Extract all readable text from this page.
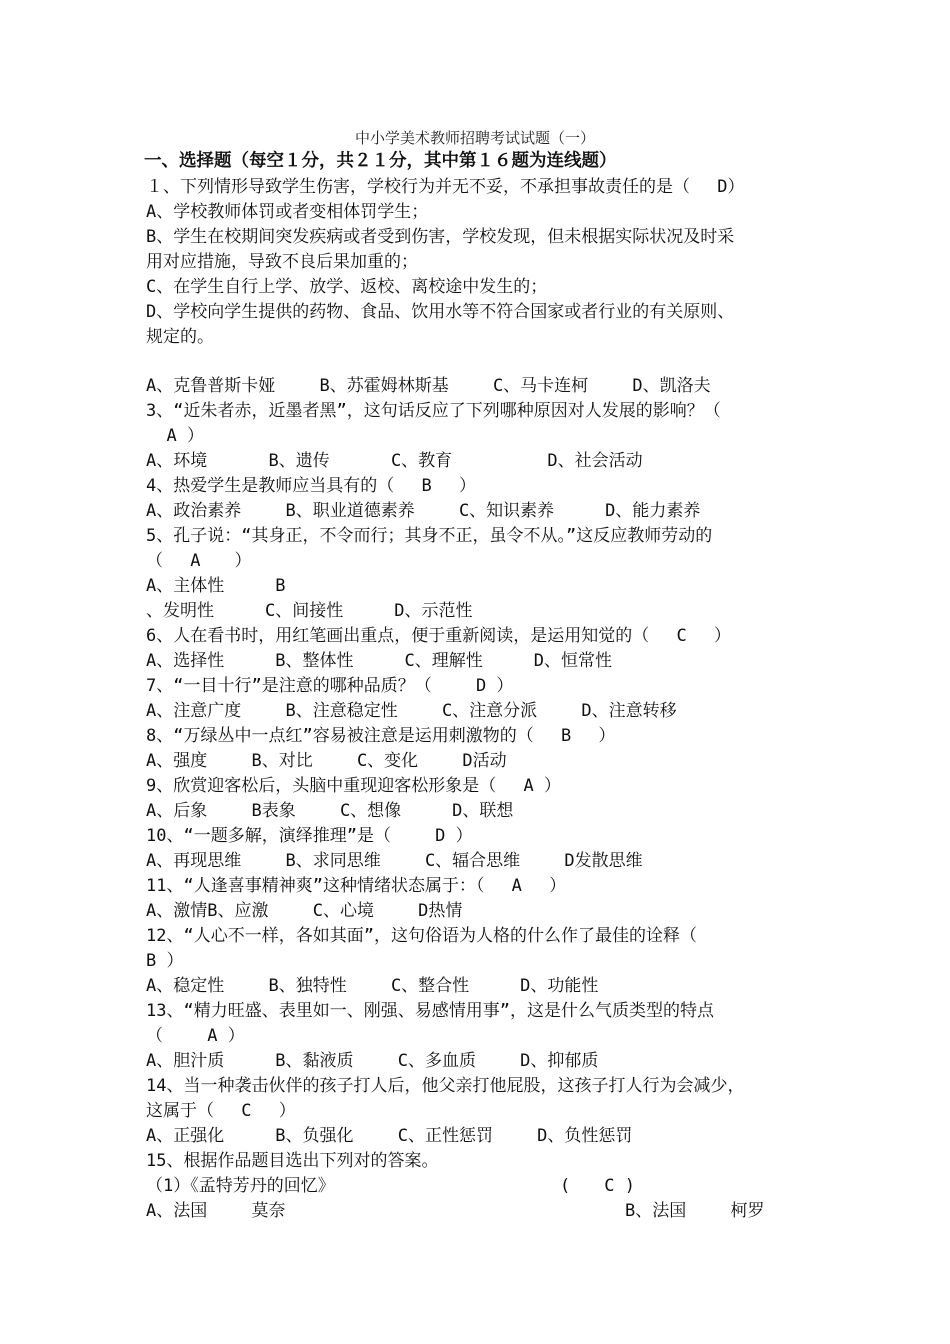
中小学美术教师招聘考试试题（一）
一、选择题（每空１分，共２１分，其中第１６题为连线题）
１、下列情形导致学生伤害，学校行为并无不妥，不承担事故责任的是（　 D）
A、学校教师体罚或者变相体罚学生；
B、学生在校期间突发疾病或者受到伤害，学校发现，但未根据实际状况及时采
用对应措施，导致不良后果加重的；
C、在学生自行上学、放学、返校、离校途中发生的；
D、学校向学生提供的药物、食品、饮用水等不符合国家或者行业的有关原则、
规定的。
A、克鲁普斯卡娅　　 B、苏霍姆林斯基　　 C、马卡连柯　　 D、凯洛夫
3、“近朱者赤，近墨者黑”，这句话反应了下列哪种原因对人发展的影响？（
A ）
A、环境　　　 B、遗传　　　 C、教育　　　　　 D、社会活动
4、热爱学生是教师应当具有的（　 B　 ）
A、政治素养　　 B、职业道德素养　　 C、知识素养　　　D、能力素养
5、孔子说：“其身正，不令而行；其身不正，虽令不从。”这反应教师劳动的
（　 A　　）
A、主体性　　　B
、发明性　　　C、间接性　　　D、示范性
6、人在看书时，用红笔画出重点，便于重新阅读，是运用知觉的（　 C　 ）
A、选择性　　　B、整体性　　　C、理解性　　　D、恒常性
7、“一目十行”是注意的哪种品质？（　　 D ）
A、注意广度　　 B、注意稳定性　　 C、注意分派　　 D、注意转移
8、“万绿丛中一点红”容易被注意是运用刺激物的（　 B　 ）
A、强度　　 B、对比　　 C、变化　　 D活动
9、欣赏迎客松后，头脑中重现迎客松形象是（　 A ）
A、后象　　 B表象　　 C、想像　　　D、联想
10、“一题多解，演绎推理”是（　　 D ）
A、再现思维　　 B、求同思维　　 C、辐合思维　　 D发散思维
11、“人逢喜事精神爽”这种情绪状态属于：（　 A　 ）
A、激情B、应激　　 C、心境　　 D热情
12、“人心不一样，各如其面”，这句俗语为人格的什么作了最佳的诠释（
B ）
A、稳定性　　 B、独特性　　 C、整合性　　　D、功能性
13、“精力旺盛、表里如一、刚强、易感情用事”，这是什么气质类型的特点
（　　 A ）
A、胆汁质　　　B、黏液质　　 C、多血质　　 D、抑郁质
14、当一种袭击伙伴的孩子打人后，他父亲打他屁股，这孩子打人行为会减少，
这属于（　 C　 ）
A、正强化　　　B、负强化　　 C、正性惩罚　　 D、负性惩罚
15、根据作品题目选出下列对的答案。
（1）《孟特芳丹的回忆》
A、法国　　 莫奈
(　　C )
B、法国　　 柯罗
